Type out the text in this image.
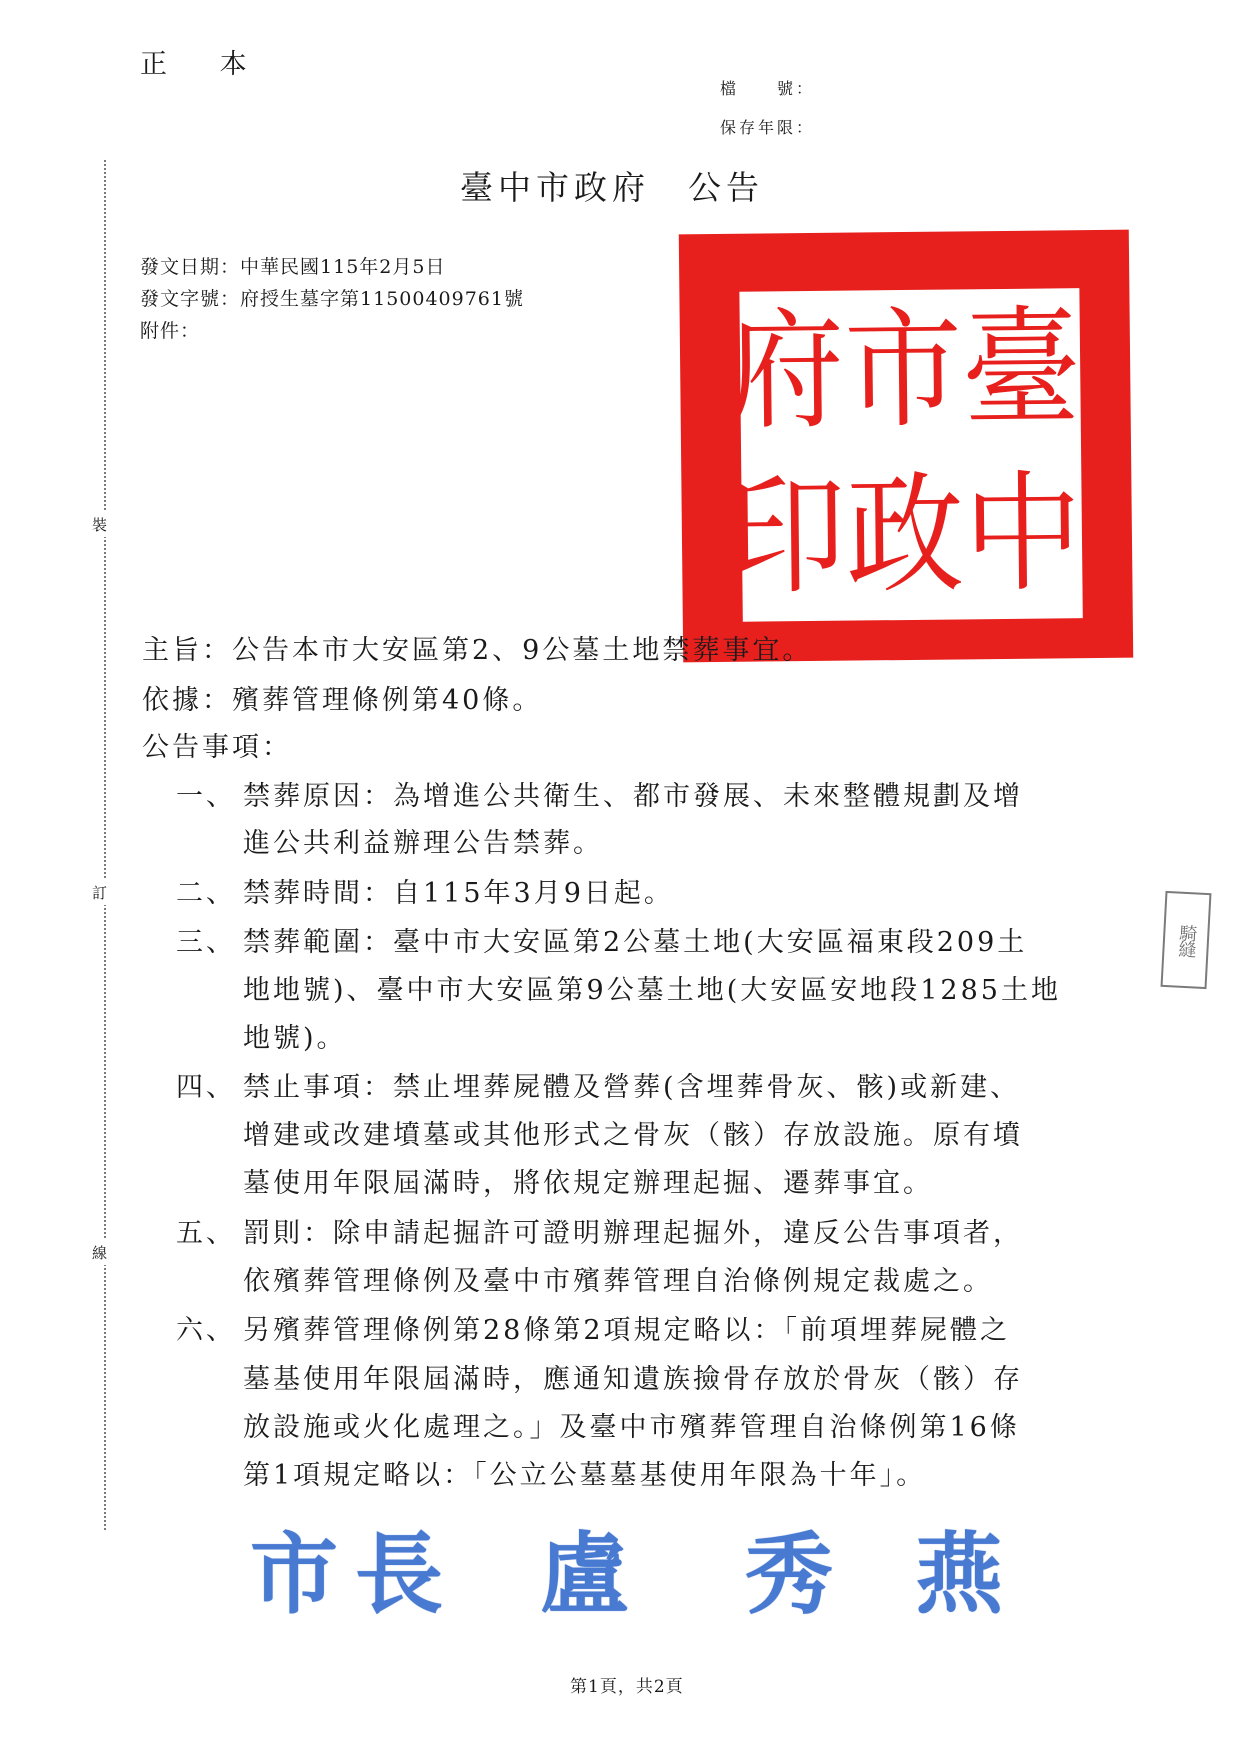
正 本
檔　　號：
保存年限：
臺中市政府 公告
發文日期：中華民國115年2月5日
發文字號：府授生墓字第11500409761號
附件：
裝
訂
線
臺
市
府
中
政
印
主旨：公告本市大安區第2、9公墓土地禁葬事宜。
依據：殯葬管理條例第40條。
公告事項：
一、 禁葬原因：為增進公共衛生、都市發展、未來整體規劃及增
進公共利益辦理公告禁葬。
二、 禁葬時間：自115年3月9日起。
三、 禁葬範圍：臺中市大安區第2公墓土地(大安區福東段209土
地地號)、臺中市大安區第9公墓土地(大安區安地段1285土地
地號)。
四、 禁止事項：禁止埋葬屍體及營葬(含埋葬骨灰、骸)或新建、
增建或改建墳墓或其他形式之骨灰（骸）存放設施。原有墳
墓使用年限屆滿時，將依規定辦理起掘、遷葬事宜。
五、 罰則：除申請起掘許可證明辦理起掘外，違反公告事項者，
依殯葬管理條例及臺中市殯葬管理自治條例規定裁處之。
六、 另殯葬管理條例第28條第2項規定略以：「前項埋葬屍體之
墓基使用年限屆滿時，應通知遺族撿骨存放於骨灰（骸）存
放設施或火化處理之。」及臺中市殯葬管理自治條例第16條
第1項規定略以：「公立公墓墓基使用年限為十年」。
騎縫
市 長 盧 秀 燕
第1頁，共2頁
